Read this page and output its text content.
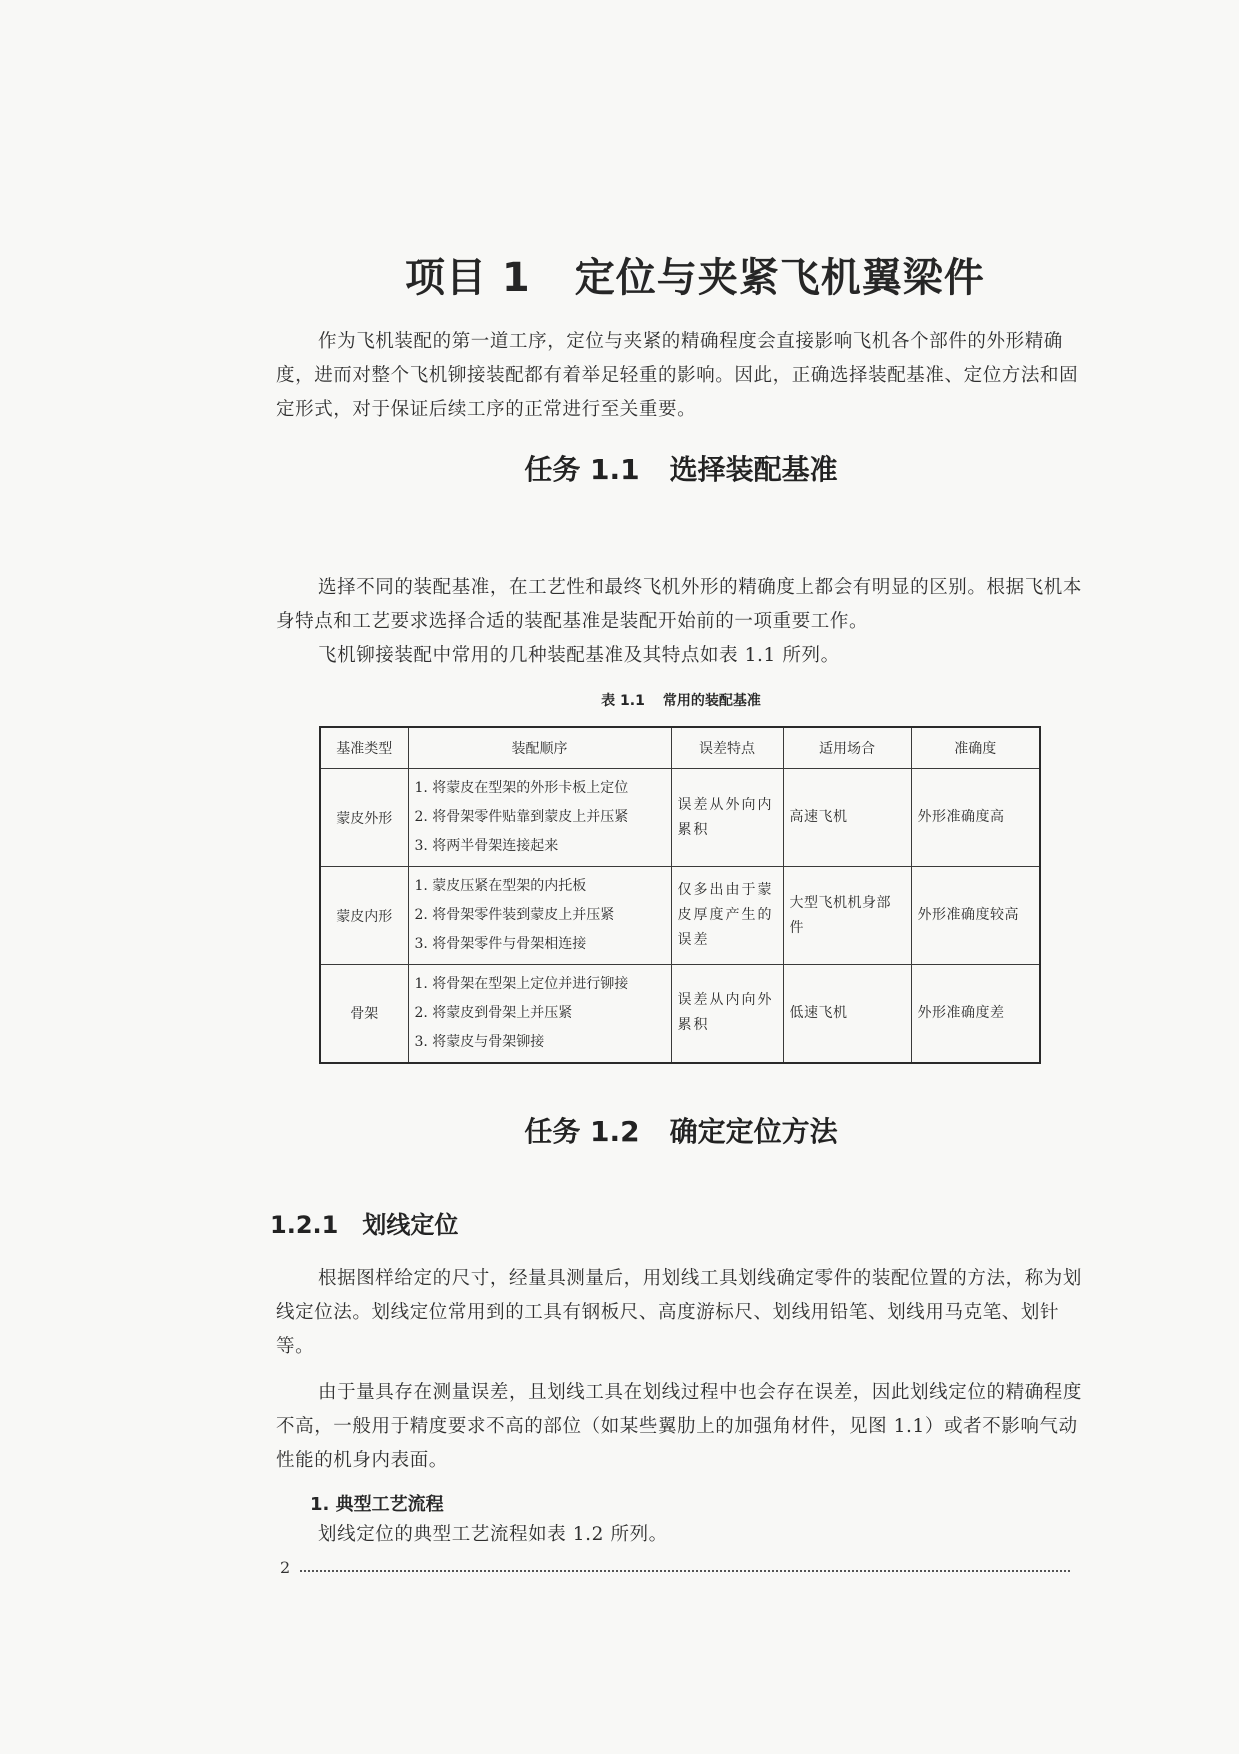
项目 1 定位与夹紧飞机翼梁件
作为飞机装配的第一道工序，定位与夹紧的精确程度会直接影响飞机各个部件的外形精确度，进而对整个飞机铆接装配都有着举足轻重的影响。因此，正确选择装配基准、定位方法和固定形式，对于保证后续工序的正常进行至关重要。
任务 1.1 选择装配基准
选择不同的装配基准，在工艺性和最终飞机外形的精确度上都会有明显的区别。根据飞机本身特点和工艺要求选择合适的装配基准是装配开始前的一项重要工作。
飞机铆接装配中常用的几种装配基准及其特点如表 1.1 所列。
表 1.1 常用的装配基准
基准类型	装配顺序	误差特点	适用场合	准确度
蒙皮外形	1. 将蒙皮在型架的外形卡板上定位
2. 将骨架零件贴靠到蒙皮上并压紧
3. 将两半骨架连接起来	误差从外向内累积	高速飞机	外形准确度高
蒙皮内形	1. 蒙皮压紧在型架的内托板
2. 将骨架零件装到蒙皮上并压紧
3. 将骨架零件与骨架相连接	仅多出由于蒙皮厚度产生的误差	大型飞机机身部件	外形准确度较高
骨架	1. 将骨架在型架上定位并进行铆接
2. 将蒙皮到骨架上并压紧
3. 将蒙皮与骨架铆接	误差从内向外累积	低速飞机	外形准确度差
任务 1.2 确定定位方法
1.2.1 划线定位
根据图样给定的尺寸，经量具测量后，用划线工具划线确定零件的装配位置的方法，称为划线定位法。划线定位常用到的工具有钢板尺、高度游标尺、划线用铅笔、划线用马克笔、划针等。
由于量具存在测量误差，且划线工具在划线过程中也会存在误差，因此划线定位的精确程度不高，一般用于精度要求不高的部位（如某些翼肋上的加强角材件，见图 1.1）或者不影响气动性能的机身内表面。
1. 典型工艺流程
划线定位的典型工艺流程如表 1.2 所列。
2
